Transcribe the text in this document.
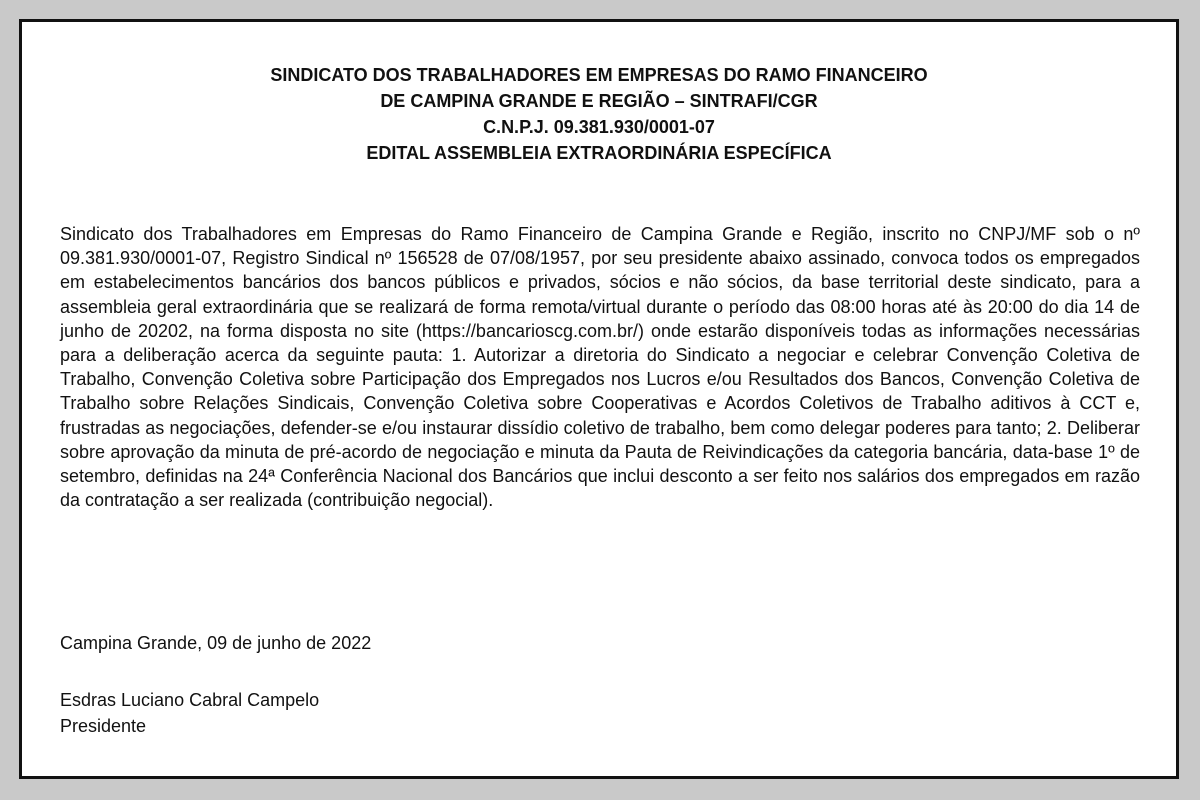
SINDICATO DOS TRABALHADORES EM EMPRESAS DO RAMO FINANCEIRO
DE CAMPINA GRANDE E REGIÃO – SINTRAFI/CGR
C.N.P.J. 09.381.930/0001-07
EDITAL ASSEMBLEIA EXTRAORDINÁRIA ESPECÍFICA
Sindicato dos Trabalhadores em Empresas do Ramo Financeiro de Campina Grande e Região, inscrito no CNPJ/MF sob o nº 09.381.930/0001-07, Registro Sindical nº 156528 de 07/08/1957, por seu presidente abaixo assinado, convoca todos os empregados em estabelecimentos bancários dos bancos públicos e privados, sócios e não sócios, da base territorial deste sindicato, para a assembleia geral extraordinária que se realizará de forma remota/virtual durante o período das 08:00 horas até às 20:00 do dia 14 de junho de 20202, na forma disposta no site (https://bancarioscg.com.br/) onde estarão disponíveis todas as informações necessárias para a deliberação acerca da seguinte pauta: 1. Autorizar a diretoria do Sindicato a negociar e celebrar Convenção Coletiva de Trabalho, Convenção Coletiva sobre Participação dos Empregados nos Lucros e/ou Resultados dos Bancos, Convenção Coletiva de Trabalho sobre Relações Sindicais, Convenção Coletiva sobre Cooperativas e Acordos Coletivos de Trabalho aditivos à CCT e, frustradas as negociações, defender-se e/ou instaurar dissídio coletivo de trabalho, bem como delegar poderes para tanto; 2. Deliberar sobre aprovação da minuta de pré-acordo de negociação e minuta da Pauta de Reivindicações da categoria bancária, data-base 1º de setembro, definidas na 24ª Conferência Nacional dos Bancários que inclui desconto a ser feito nos salários dos empregados em razão da contratação a ser realizada (contribuição negocial).
Campina Grande, 09 de junho de 2022
Esdras Luciano Cabral Campelo
Presidente
